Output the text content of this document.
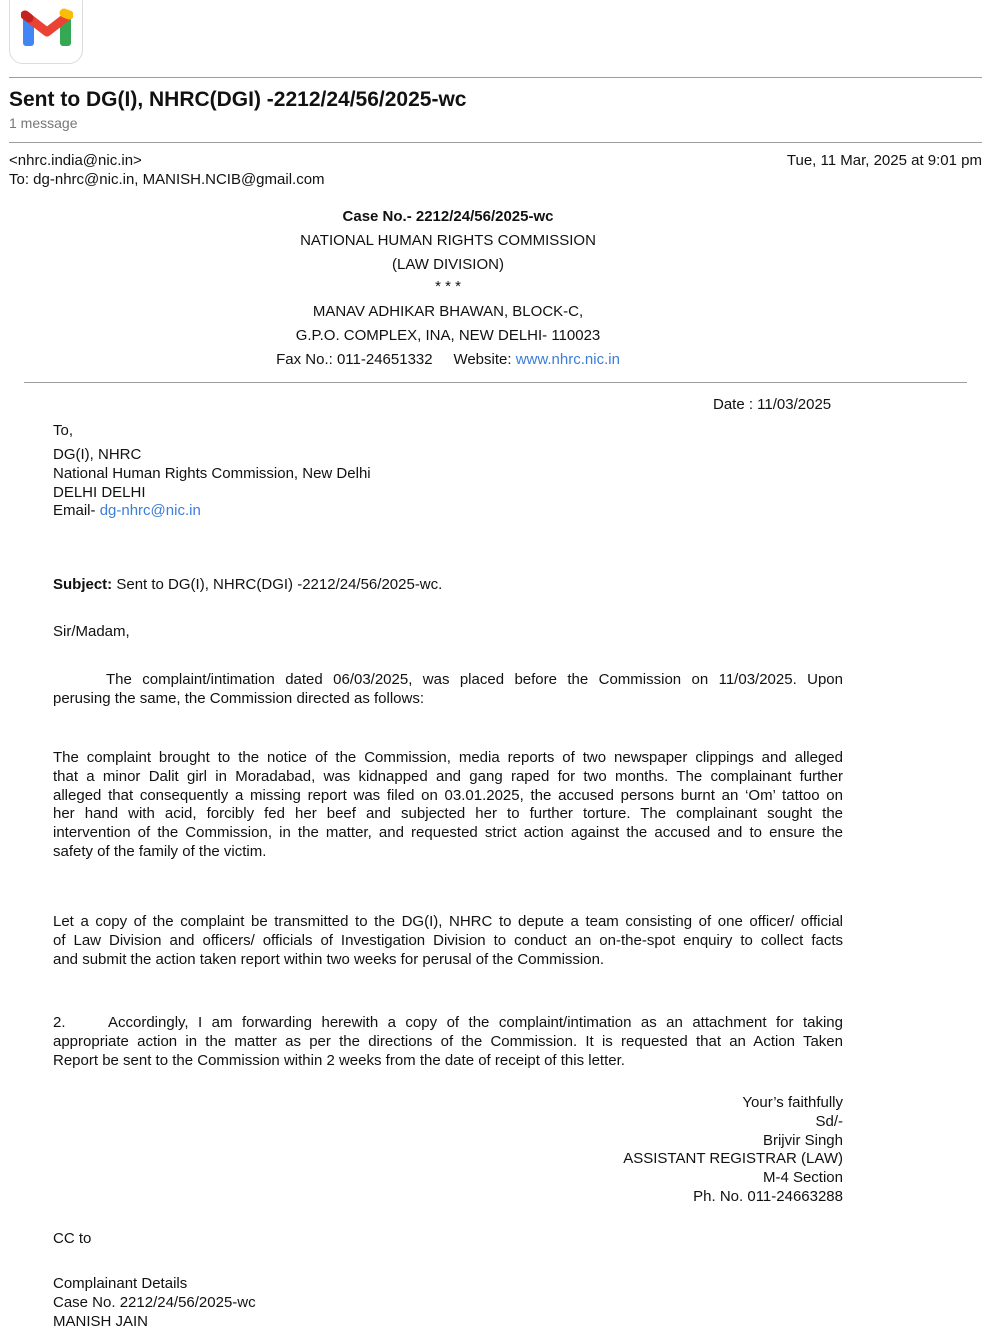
Sent to DG(I), NHRC(DGI) -2212/24/56/2025-wc
1 message
<nhrc.india@nic.in>	Tue, 11 Mar, 2025 at 9:01 pm
To: dg-nhrc@nic.in, MANISH.NCIB@gmail.com
Case No.- 2212/24/56/2025-wc
NATIONAL HUMAN RIGHTS COMMISSION
(LAW DIVISION)
* * *
MANAV ADHIKAR BHAWAN, BLOCK-C,
G.P.O. COMPLEX, INA, NEW DELHI- 110023
Fax No.: 011-24651332 Website: www.nhrc.nic.in
Date : 11/03/2025
To,
DG(I), NHRC
National Human Rights Commission, New Delhi
DELHI DELHI
Email- dg-nhrc@nic.in
Subject: Sent to DG(I), NHRC(DGI) -2212/24/56/2025-wc.
Sir/Madam,
The complaint/intimation dated 06/03/2025, was placed before the Commission on 11/03/2025. Upon
perusing the same, the Commission directed as follows:
The complaint brought to the notice of the Commission, media reports of two newspaper clippings and alleged
that a minor Dalit girl in Moradabad, was kidnapped and gang raped for two months. The complainant further
alleged that consequently a missing report was filed on 03.01.2025, the accused persons burnt an ‘Om’ tattoo on
her hand with acid, forcibly fed her beef and subjected her to further torture. The complainant sought the
intervention of the Commission, in the matter, and requested strict action against the accused and to ensure the
safety of the family of the victim.
Let a copy of the complaint be transmitted to the DG(I), NHRC to depute a team consisting of one officer/ official
of Law Division and officers/ officials of Investigation Division to conduct an on-the-spot enquiry to collect facts
and submit the action taken report within two weeks for perusal of the Commission.
2.	Accordingly, I am forwarding herewith a copy of the complaint/intimation as an attachment for taking
appropriate action in the matter as per the directions of the Commission. It is requested that an Action Taken
Report be sent to the Commission within 2 weeks from the date of receipt of this letter.
Your’s faithfully
Sd/-
Brijvir Singh
ASSISTANT REGISTRAR (LAW)
M-4 Section
Ph. No. 011-24663288
CC to
Complainant Details
Case No. 2212/24/56/2025-wc
MANISH JAIN
